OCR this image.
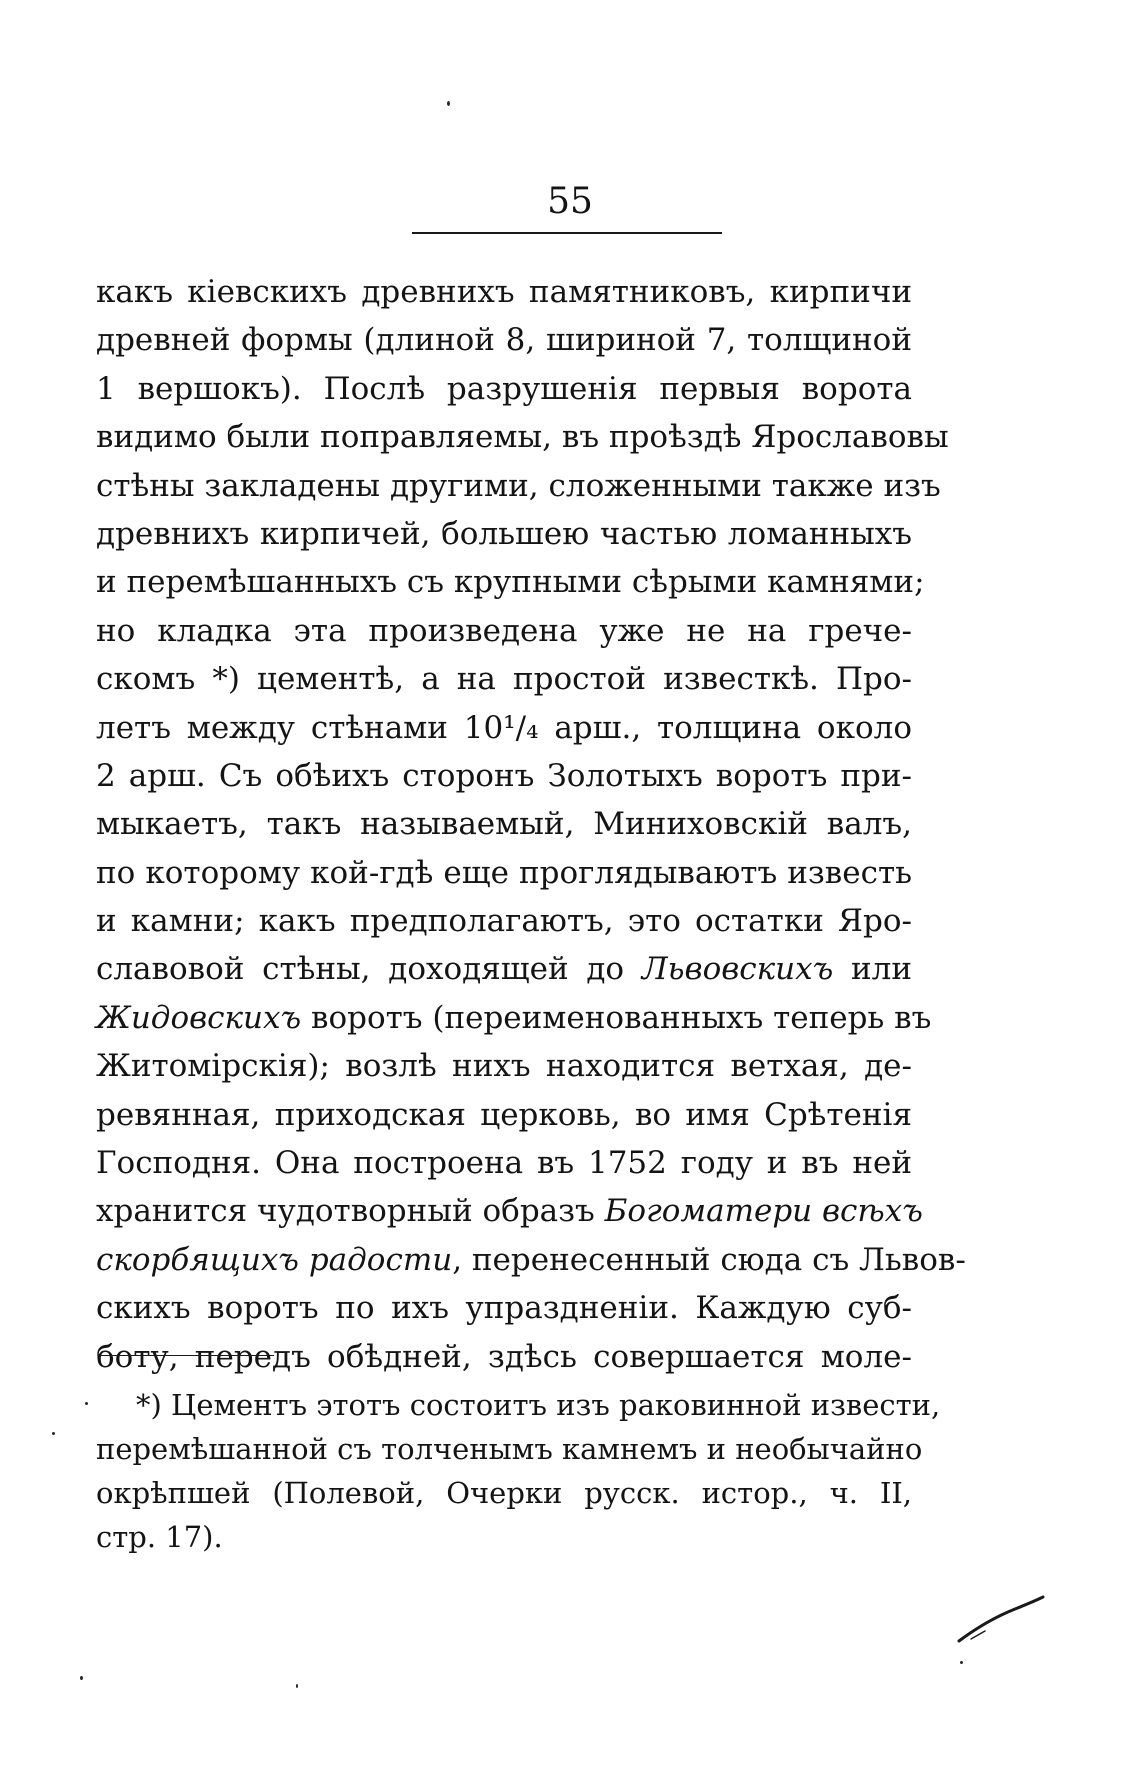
55
какъ кіевскихъ древнихъ памятниковъ, кирпичи
древней формы (длиной 8, шириной 7, толщиной
1 вершокъ). Послѣ разрушенія первыя ворота
видимо были поправляемы, въ проѣздѣ Ярославовы
стѣны заклaдены другими, сложенными также изъ
древнихъ кирпичей, большею частью ломанныхъ
и перемѣшанныхъ съ крупными сѣрыми камнями;
но кладка эта произведена уже не на грече-
скомъ *) цементѣ, а на простой известкѣ. Про-
летъ между стѣнами 10¹/₄ арш., толщина около
2 арш. Съ обѣихъ сторонъ Золотыхъ воротъ при-
мыкаетъ, такъ называемый, Миниховскій валъ,
по которому кой-гдѣ еще проглядываютъ известь
и камни; какъ предполагаютъ, это остатки Яро-
славовой стѣны, доходящей до Львовскихъ или
Жидовскихъ воротъ (переименованныхъ теперь въ
Житомірскія); возлѣ нихъ находится ветхая, де-
ревянная, приходская церковь, во имя Срѣтенія
Господня. Она построена въ 1752 году и въ ней
хранится чудотворный образъ Богоматери всѣхъ
скорбящихъ радости, перенесенный сюда съ Львов-
скихъ воротъ по ихъ упраздненіи. Каждую суб-
боту, передъ обѣдней, здѣсь совершается моле-
*) Цементъ этотъ состоитъ изъ раковинной извести,
перемѣшанной съ толченымъ камнемъ и необычайно
окрѣпшей (Полевой, Очерки русск. истор., ч. II,
стр. 17).
